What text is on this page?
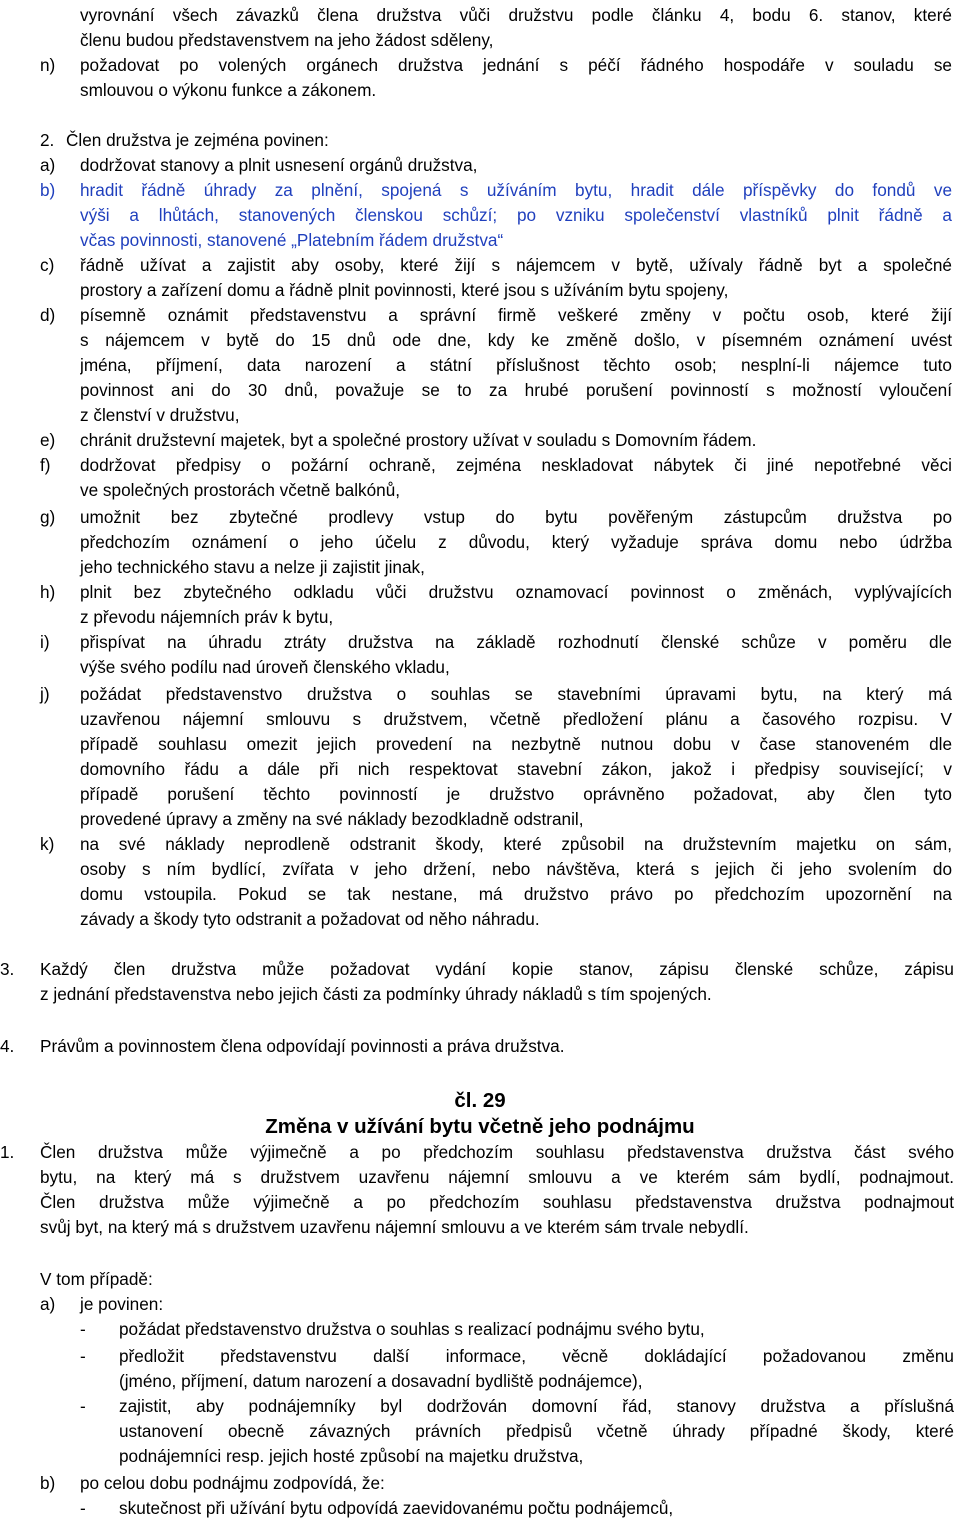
vyrovnání všech závazků člena družstva vůči družstvu podle článku 4, bodu 6. stanov, které
členu budou představenstvem na jeho žádost sděleny,
n) požadovat po volených orgánech družstva jednání s péčí řádného hospodáře v souladu se
smlouvou o výkonu funkce a zákonem.
2. Člen družstva je zejména povinen:
a) dodržovat stanovy a plnit usnesení orgánů družstva,
b) hradit řádně úhrady za plnění, spojená s užíváním bytu, hradit dále příspěvky do fondů ve
výši a lhůtách, stanovených členskou schůzí; po vzniku společenství vlastníků plnit řádně a
včas povinnosti, stanovené „Platebním řádem družstva“
c) řádně užívat a zajistit aby osoby, které žijí s nájemcem v bytě, užívaly řádně byt a společné
prostory a zařízení domu a řádně plnit povinnosti, které jsou s užíváním bytu spojeny,
d) písemně oznámit představenstvu a správní firmě veškeré změny v počtu osob, které žijí
s nájemcem v bytě do 15 dnů ode dne, kdy ke změně došlo, v písemném oznámení uvést
jména, příjmení, data narození a státní příslušnost těchto osob; nesplní-li nájemce tuto
povinnost ani do 30 dnů, považuje se to za hrubé porušení povinností s možností vyloučení
z členství v družstvu,
e) chránit družstevní majetek, byt a společné prostory užívat v souladu s Domovním řádem.
f) dodržovat předpisy o požární ochraně, zejména neskladovat nábytek či jiné nepotřebné věci
ve společných prostorách včetně balkónů,
g) umožnit bez zbytečné prodlevy vstup do bytu pověřeným zástupcům družstva po
předchozím oznámení o jeho účelu z důvodu, který vyžaduje správa domu nebo údržba
jeho technického stavu a nelze ji zajistit jinak,
h) plnit bez zbytečného odkladu vůči družstvu oznamovací povinnost o změnách, vyplývajících
z převodu nájemních práv k bytu,
i) přispívat na úhradu ztráty družstva na základě rozhodnutí členské schůze v poměru dle
výše svého podílu nad úroveň členského vkladu,
j) požádat představenstvo družstva o souhlas se stavebními úpravami bytu, na který má
uzavřenou nájemní smlouvu s družstvem, včetně předložení plánu a časového rozpisu. V
případě souhlasu omezit jejich provedení na nezbytně nutnou dobu v čase stanoveném dle
domovního řádu a dále při nich respektovat stavební zákon, jakož i předpisy související; v
případě porušení těchto povinností je družstvo oprávněno požadovat, aby člen tyto
provedené úpravy a změny na své náklady bezodkladně odstranil,
k) na své náklady neprodleně odstranit škody, které způsobil na družstevním majetku on sám,
osoby s ním bydlící, zvířata v jeho držení, nebo návštěva, která s jejich či jeho svolením do
domu vstoupila. Pokud se tak nestane, má družstvo právo po předchozím upozornění na
závady a škody tyto odstranit a požadovat od něho náhradu.
3. Každý člen družstva může požadovat vydání kopie stanov, zápisu členské schůze, zápisu
z jednání představenstva nebo jejich části za podmínky úhrady nákladů s tím spojených.
4. Právům a povinnostem člena odpovídají povinnosti a práva družstva.
čl. 29
Změna v užívání bytu včetně jeho podnájmu
1. Člen družstva může výjimečně a po předchozím souhlasu představenstva družstva část svého
bytu, na který má s družstvem uzavřenu nájemní smlouvu a ve kterém sám bydlí, podnajmout.
Člen družstva může výjimečně a po předchozím souhlasu představenstva družstva podnajmout
svůj byt, na který má s družstvem uzavřenu nájemní smlouvu a ve kterém sám trvale nebydlí.
V tom případě:
a) je povinen:
- požádat představenstvo družstva o souhlas s realizací podnájmu svého bytu,
- předložit představenstvu další informace, věcně dokládající požadovanou změnu
(jméno, příjmení, datum narození a dosavadní bydliště podnájemce),
- zajistit, aby podnájemníky byl dodržován domovní řád, stanovy družstva a příslušná
ustanovení obecně závazných právních předpisů včetně úhrady případné škody, které
podnájemníci resp. jejich hosté způsobí na majetku družstva,
b) po celou dobu podnájmu zodpovídá, že:
- skutečnost při užívání bytu odpovídá zaevidovanému počtu podnájemců,
